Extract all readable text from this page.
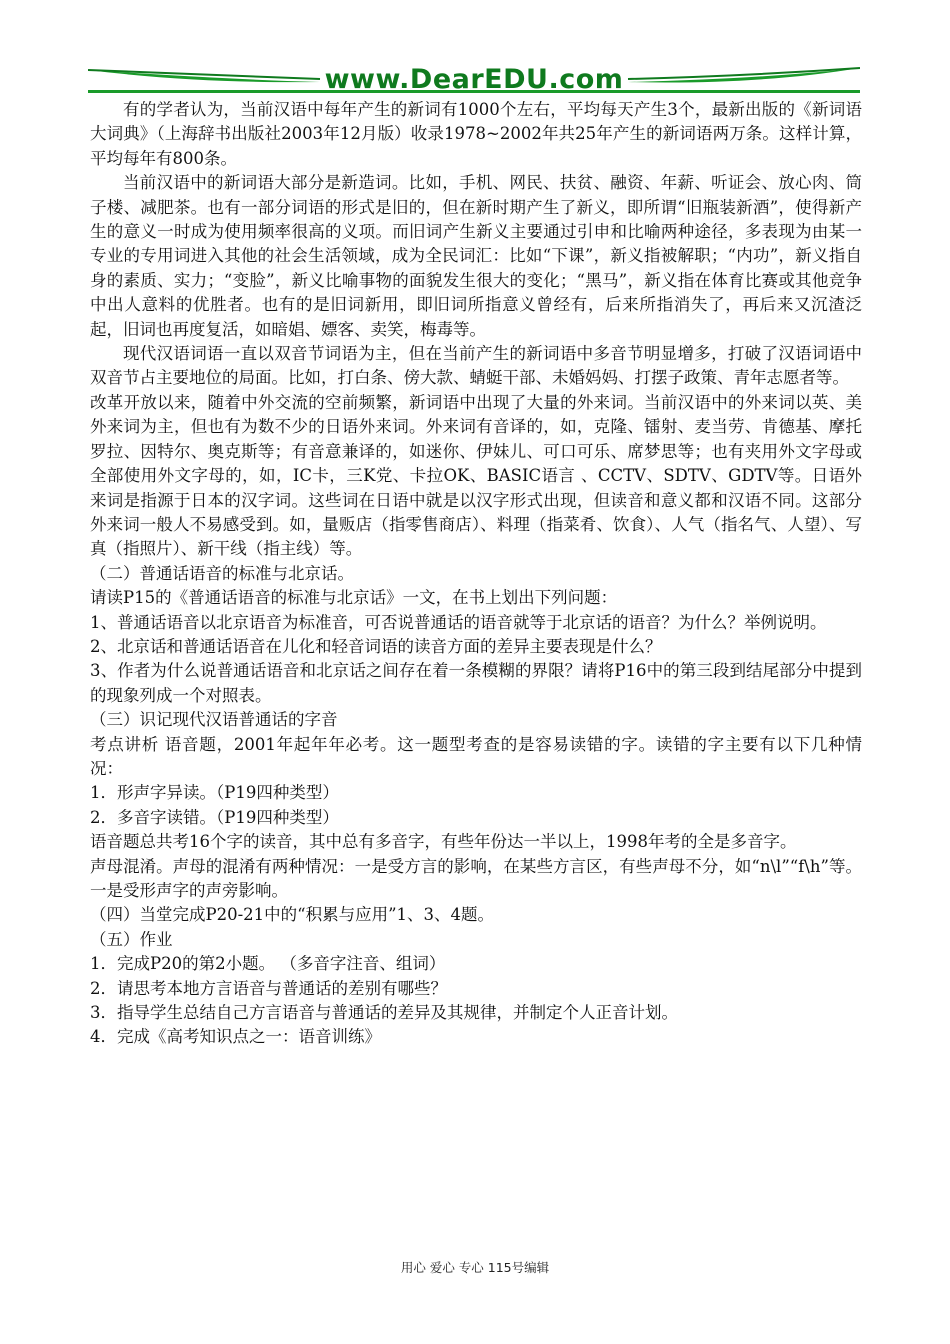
www.DearEDU.com

有的学者认为，当前汉语中每年产生的新词有1000个左右，平均每天产生3个，最新出版的《新词语大词典》（上海辞书出版社2003年12月版）收录1978~2002年共25年产生的新词语两万条。这样计算，平均每年有800条。

当前汉语中的新词语大部分是新造词。比如，手机、网民、扶贫、融资、年薪、听证会、放心肉、筒子楼、减肥茶。也有一部分词语的形式是旧的，但在新时期产生了新义，即所谓“旧瓶装新酒”，使得新产生的意义一时成为使用频率很高的义项。而旧词产生新义主要通过引申和比喻两种途径，多表现为由某一专业的专用词进入其他的社会生活领域，成为全民词汇：比如“下课”，新义指被解职；“内功”，新义指自身的素质、实力；“变脸”，新义比喻事物的面貌发生很大的变化；“黑马”，新义指在体育比赛或其他竞争中出人意料的优胜者。也有的是旧词新用，即旧词所指意义曾经有，后来所指消失了，再后来又沉渣泛起，旧词也再度复活，如暗娼、嫖客、卖笑，梅毒等。

现代汉语词语一直以双音节词语为主，但在当前产生的新词语中多音节明显增多，打破了汉语词语中双音节占主要地位的局面。比如，打白条、傍大款、蜻蜓干部、未婚妈妈、打摆子政策、青年志愿者等。

改革开放以来，随着中外交流的空前频繁，新词语中出现了大量的外来词。当前汉语中的外来词以英、美外来词为主，但也有为数不少的日语外来词。外来词有音译的，如，克隆、镭射、麦当劳、肯德基、摩托罗拉、因特尔、奥克斯等；有音意兼译的，如迷你、伊妹儿、可口可乐、席梦思等；也有夹用外文字母或全部使用外文字母的，如，IC卡，三K党、卡拉OK、BASIC语言 、CCTV、SDTV、GDTV等。日语外来词是指源于日本的汉字词。这些词在日语中就是以汉字形式出现，但读音和意义都和汉语不同。这部分外来词一般人不易感受到。如，量贩店（指零售商店）、料理（指菜肴、饮食）、人气（指名气、人望）、写真（指照片）、新干线（指主线）等。

（二）普通话语音的标准与北京话。

请读P15的《普通话语音的标准与北京话》一文，在书上划出下列问题：

1、普通话语音以北京语音为标准音，可否说普通话的语音就等于北京话的语音？为什么？举例说明。

2、北京话和普通话语音在儿化和轻音词语的读音方面的差异主要表现是什么？

3、作者为什么说普通话语音和北京话之间存在着一条模糊的界限？请将P16中的第三段到结尾部分中提到的现象列成一个对照表。

（三）识记现代汉语普通话的字音

考点讲析 语音题，2001年起年年必考。这一题型考查的是容易读错的字。读错的字主要有以下几种情况：

1．形声字异读。（P19四种类型）

2．多音字读错。（P19四种类型）

语音题总共考16个字的读音，其中总有多音字，有些年份达一半以上，1998年考的全是多音字。

声母混淆。声母的混淆有两种情况：一是受方言的影响，在某些方言区，有些声母不分，如“n\l”“f\h”等。一是受形声字的声旁影响。

（四）当堂完成P20-21中的“积累与应用”1、3、4题。

（五）作业

1．完成P20的第2小题。 （多音字注音、组词）

2．请思考本地方言语音与普通话的差别有哪些？

3．指导学生总结自己方言语音与普通话的差异及其规律，并制定个人正音计划。

4．完成《高考知识点之一：语音训练》

用心 爱心 专心 115号编辑
